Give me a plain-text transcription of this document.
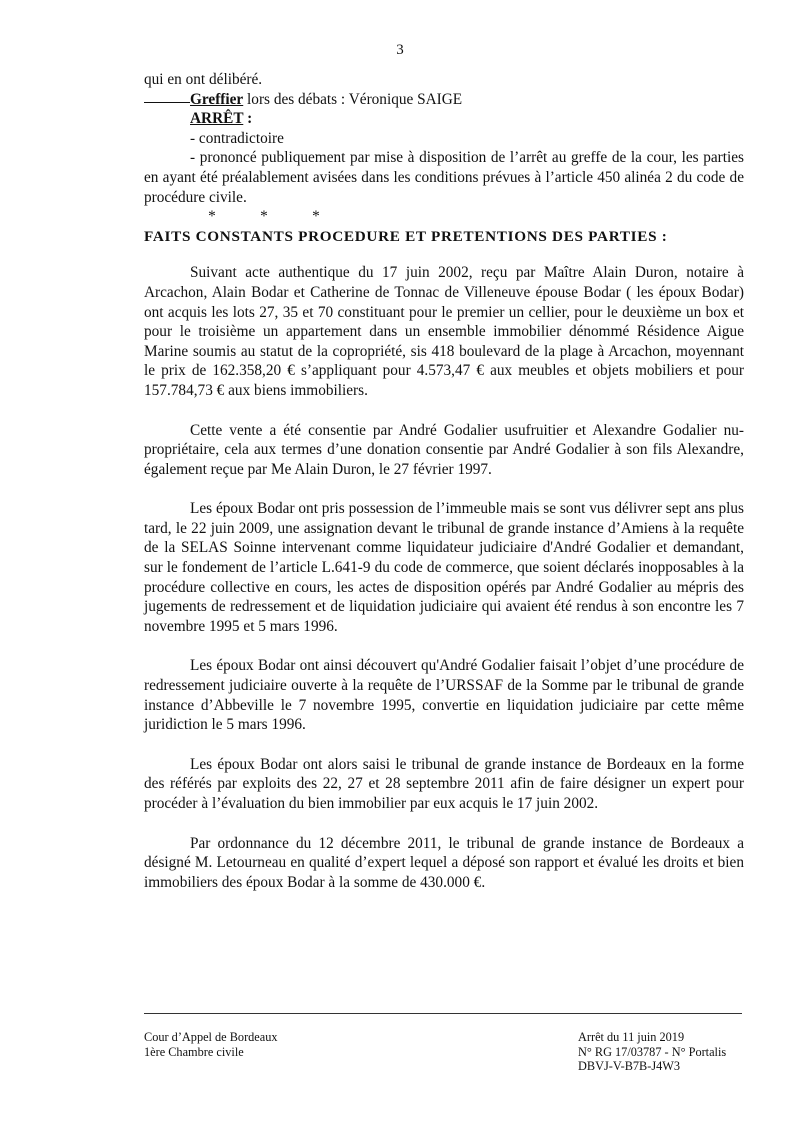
3

qui en ont délibéré.

Greffier lors des débats : Véronique SAIGE

ARRÊT :

- contradictoire

- prononcé publiquement par mise à disposition de l’arrêt au greffe de la cour, les parties en ayant été préalablement avisées dans les conditions prévues à l’article 450 alinéa 2 du code de procédure civile.

*	*	*

FAITS CONSTANTS PROCEDURE ET PRETENTIONS DES PARTIES :

Suivant acte authentique du 17 juin 2002, reçu par Maître Alain Duron, notaire à Arcachon, Alain Bodar et Catherine de Tonnac de Villeneuve épouse Bodar ( les époux Bodar) ont acquis les lots 27, 35 et 70 constituant pour le premier un cellier, pour le deuxième un box et pour le troisième un appartement dans un ensemble immobilier dénommé Résidence Aigue Marine soumis au statut de la copropriété, sis 418 boulevard de la plage à Arcachon, moyennant le prix de 162.358,20 € s’appliquant pour 4.573,47 € aux meubles et objets mobiliers et pour 157.784,73 € aux biens immobiliers.

Cette vente a été consentie par André Godalier usufruitier et Alexandre Godalier nu-propriétaire, cela aux termes d’une donation consentie par André Godalier à son fils Alexandre, également reçue par Me Alain Duron, le 27 février 1997.

Les époux Bodar ont pris possession de l’immeuble mais se sont vus délivrer sept ans plus tard, le 22 juin 2009, une assignation devant le tribunal de grande instance d’Amiens à la requête de la SELAS Soinne intervenant comme liquidateur judiciaire d'André Godalier et demandant, sur le fondement de l’article L.641-9 du code de commerce, que soient déclarés inopposables à la procédure collective en cours, les actes de disposition opérés par André Godalier au mépris des jugements de redressement et de liquidation judiciaire qui avaient été rendus à son encontre les 7 novembre 1995 et 5 mars 1996.

Les époux Bodar ont ainsi découvert qu'André Godalier faisait l’objet d’une procédure de redressement judiciaire ouverte à la requête de l’URSSAF de la Somme par le tribunal de grande instance d’Abbeville le 7 novembre 1995, convertie en liquidation judiciaire par cette même juridiction le 5 mars 1996.

Les époux Bodar ont alors saisi le tribunal de grande instance de Bordeaux en la forme des référés par exploits des 22, 27 et 28 septembre 2011 afin de faire désigner un expert pour procéder à l’évaluation du bien immobilier par eux acquis le 17 juin 2002.

Par ordonnance du 12 décembre 2011, le tribunal de grande instance de Bordeaux a désigné M. Letourneau en qualité d’expert lequel a déposé son rapport et évalué les droits et bien immobiliers des époux Bodar à la somme de 430.000 €.

Cour d’Appel de Bordeaux
1ère Chambre civile
Arrêt du 11 juin 2019
N° RG 17/03787 - N° Portalis
DBVJ-V-B7B-J4W3
